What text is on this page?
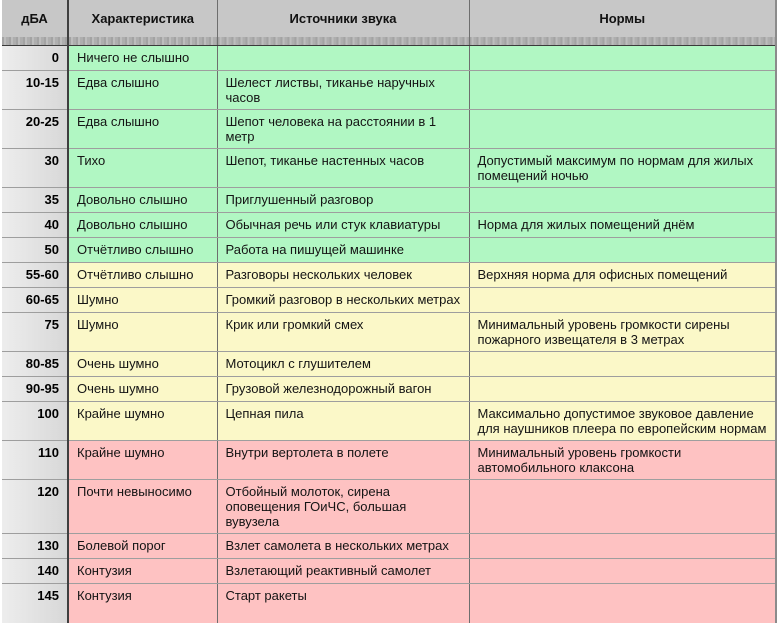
дБА	Характеристика	Источники звука	Нормы
0	Ничего не слышно		
10-15	Едва слышно	Шелест листвы, тиканье наручных часов	
20-25	Едва слышно	Шепот человека на расстоянии в 1 метр	
30	Тихо	Шепот, тиканье настенных часов	Допустимый максимум по нормам для жилых помещений ночью
35	Довольно слышно	Приглушенный разговор	
40	Довольно слышно	Обычная речь или стук клавиатуры	Норма для жилых помещений днём
50	Отчётливо слышно	Работа на пишущей машинке	
55-60	Отчётливо слышно	Разговоры нескольких человек	Верхняя норма для офисных помещений
60-65	Шумно	Громкий разговор в нескольких метрах	
75	Шумно	Крик или громкий смех	Минимальный уровень громкости сирены пожарного извещателя в 3 метрах
80-85	Очень шумно	Мотоцикл с глушителем	
90-95	Очень шумно	Грузовой железнодорожный вагон	
100	Крайне шумно	Цепная пила	Максимально допустимое звуковое давление для наушников плеера по европейским нормам
110	Крайне шумно	Внутри вертолета в полете	Минимальный уровень громкости автомобильного клаксона
120	Почти невыносимо	Отбойный молоток, сирена оповещения ГОиЧС, большая вувузела	
130	Болевой порог	Взлет самолета в нескольких метрах	
140	Контузия	Взлетающий реактивный самолет	
145	Контузия	Старт ракеты	
